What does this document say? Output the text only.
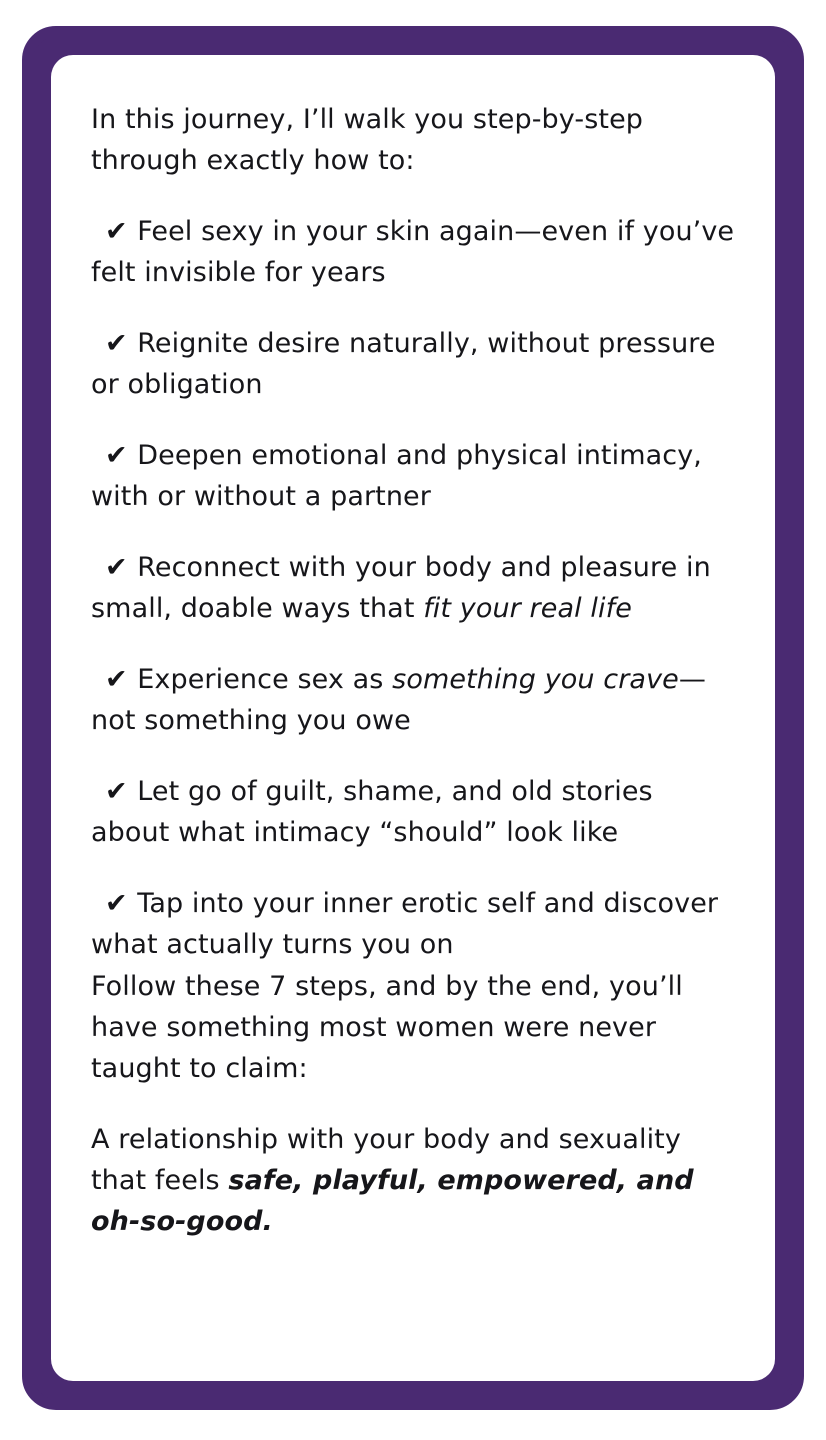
In this journey, I’ll walk you step-by-step through exactly how to:

✔ Feel sexy in your skin again—even if you’ve felt invisible for years

✔ Reignite desire naturally, without pressure or obligation

✔ Deepen emotional and physical intimacy, with or without a partner

✔ Reconnect with your body and pleasure in small, doable ways that fit your real life

✔ Experience sex as something you crave—not something you owe

✔ Let go of guilt, shame, and old stories about what intimacy “should” look like

✔ Tap into your inner erotic self and discover what actually turns you on

Follow these 7 steps, and by the end, you’ll have something most women were never taught to claim:

A relationship with your body and sexuality that feels safe, playful, empowered, and oh-so-good.
